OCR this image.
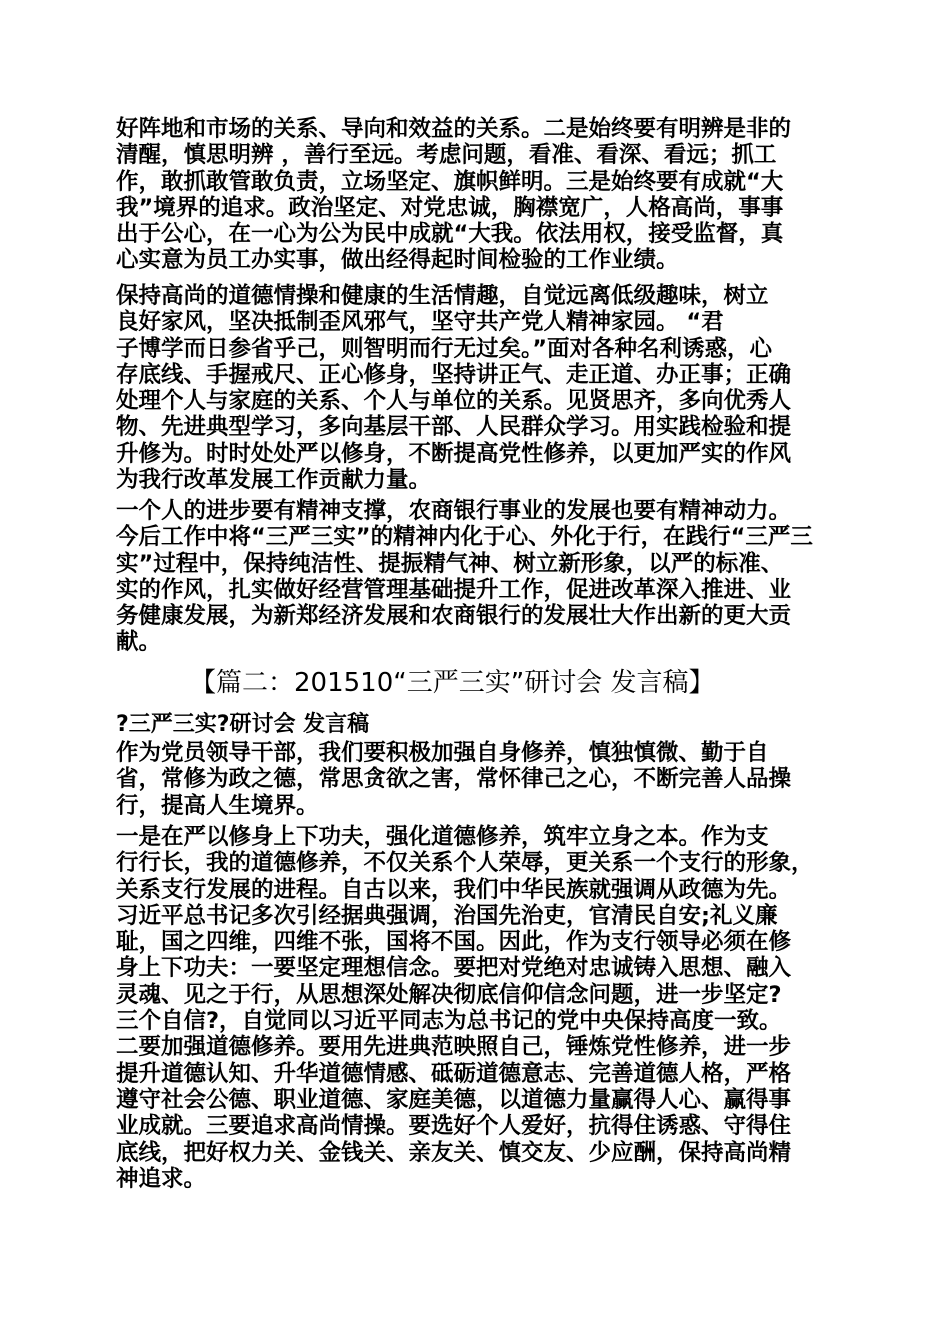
好阵地和市场的关系、导向和效益的关系。二是始终要有明辨是非的
清醒，慎思明辨 ，善行至远。考虑问题，看准、看深、看远；抓工
作，敢抓敢管敢负责，立场坚定、旗帜鲜明。三是始终要有成就“大
我”境界的追求。政治坚定、对党忠诚，胸襟宽广，人格高尚，事事
出于公心，在一心为公为民中成就“大我。依法用权，接受监督，真
心实意为员工办实事，做出经得起时间检验的工作业绩。
保持高尚的道德情操和健康的生活情趣，自觉远离低级趣味，树立
良好家风，坚决抵制歪风邪气，坚守共产党人精神家园。 “君
子博学而日参省乎己，则智明而行无过矣。”面对各种名利诱惑，心
存底线、手握戒尺、正心修身，坚持讲正气、走正道、办正事；正确
处理个人与家庭的关系、个人与单位的关系。见贤思齐，多向优秀人
物、先进典型学习，多向基层干部、人民群众学习。用实践检验和提
升修为。时时处处严以修身，不断提高党性修养，以更加严实的作风
为我行改革发展工作贡献力量。
一个人的进步要有精神支撑，农商银行事业的发展也要有精神动力。
今后工作中将“三严三实”的精神内化于心、外化于行，在践行“三严三
实”过程中，保持纯洁性、提振精气神、树立新形象，以严的标准、
实的作风，扎实做好经营管理基础提升工作，促进改革深入推进、业
务健康发展，为新郑经济发展和农商银行的发展壮大作出新的更大贡
献。
【篇二：201510“三严三实”研讨会 发言稿】
?三严三实?研讨会 发言稿
作为党员领导干部，我们要积极加强自身修养，慎独慎微、勤于自
省，常修为政之德，常思贪欲之害，常怀律己之心，不断完善人品操
行，提高人生境界。
一是在严以修身上下功夫，强化道德修养，筑牢立身之本。作为支
行行长，我的道德修养，不仅关系个人荣辱，更关系一个支行的形象，
关系支行发展的进程。自古以来，我们中华民族就强调从政德为先。
习近平总书记多次引经据典强调，治国先治吏，官清民自安;礼义廉
耻，国之四维，四维不张，国将不国。因此，作为支行领导必须在修
身上下功夫：一要坚定理想信念。要把对党绝对忠诚铸入思想、融入
灵魂、见之于行，从思想深处解决彻底信仰信念问题，进一步坚定?
三个自信?，自觉同以习近平同志为总书记的党中央保持高度一致。
二要加强道德修养。要用先进典范映照自己，锤炼党性修养，进一步
提升道德认知、升华道德情感、砥砺道德意志、完善道德人格，严格
遵守社会公德、职业道德、家庭美德，以道德力量赢得人心、赢得事
业成就。三要追求高尚情操。要选好个人爱好，抗得住诱惑、守得住
底线，把好权力关、金钱关、亲友关、慎交友、少应酬，保持高尚精
神追求。
